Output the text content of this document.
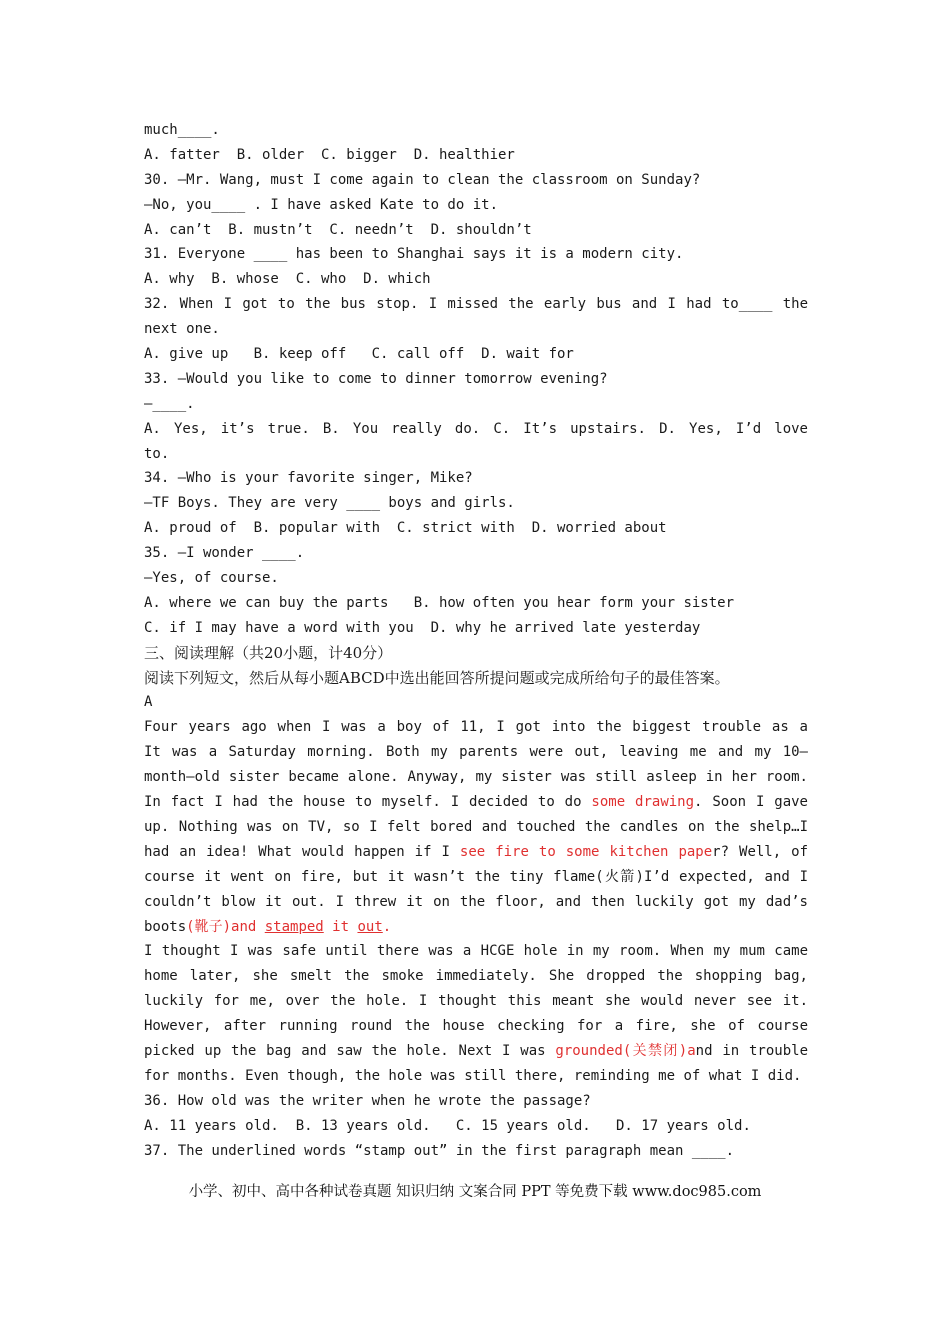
much____.
A. fatter  B. older  C. bigger  D. healthier
30. —Mr. Wang, must I come again to clean the classroom on Sunday?
—No, you____ . I have asked Kate to do it.
A. can’t  B. mustn’t  C. needn’t  D. shouldn’t
31. Everyone ____ has been to Shanghai says it is a modern city.
A. why  B. whose  C. who  D. which
32. When I got to the bus stop. I missed the early bus and I had to____ the
next one.
A. give up   B. keep off   C. call off  D. wait for
33. —Would you like to come to dinner tomorrow evening?
—____.
A. Yes, it’s true. B. You really do. C. It’s upstairs. D. Yes, I’d love
to.
34. —Who is your favorite singer, Mike?
—TF Boys. They are very ____ boys and girls.
A. proud of  B. popular with  C. strict with  D. worried about
35. —I wonder ____.
—Yes, of course.
A. where we can buy the parts   B. how often you hear form your sister
C. if I may have a word with you  D. why he arrived late yesterday
三、阅读理解（共20小题，计40分）
阅读下列短文，然后从每小题ABCD中选出能回答所提问题或完成所给句子的最佳答案。
A
Four years ago when I was a boy of 11, I got into the biggest trouble as a
It was a Saturday morning. Both my parents were out, leaving me and my 10—
month—old sister became alone. Anyway, my sister was still asleep in her room.
In fact I had the house to myself. I decided to do some drawing. Soon I gave
up. Nothing was on TV, so I felt bored and touched the candles on the shelp…I
had an idea! What would happen if I see fire to some kitchen paper? Well, of
course it went on fire, but it wasn’t the tiny flame(火箭)I’d expected, and I
couldn’t blow it out. I threw it on the floor, and then luckily got my dad’s
boots(靴子)and stamped it out.
I thought I was safe until there was a HCGE hole in my room. When my mum came
home later, she smelt the smoke immediately. She dropped the shopping bag,
luckily for me, over the hole. I thought this meant she would never see it.
However, after running round the house checking for a fire, she of course
picked up the bag and saw the hole. Next I was grounded(关禁闭)and in trouble
for months. Even though, the hole was still there, reminding me of what I did.
36. How old was the writer when he wrote the passage?
A. 11 years old.  B. 13 years old.   C. 15 years old.   D. 17 years old.
37. The underlined words “stamp out” in the first paragraph mean ____.
小学、初中、高中各种试卷真题 知识归纳 文案合同 PPT 等免费下载 www.doc985.com
